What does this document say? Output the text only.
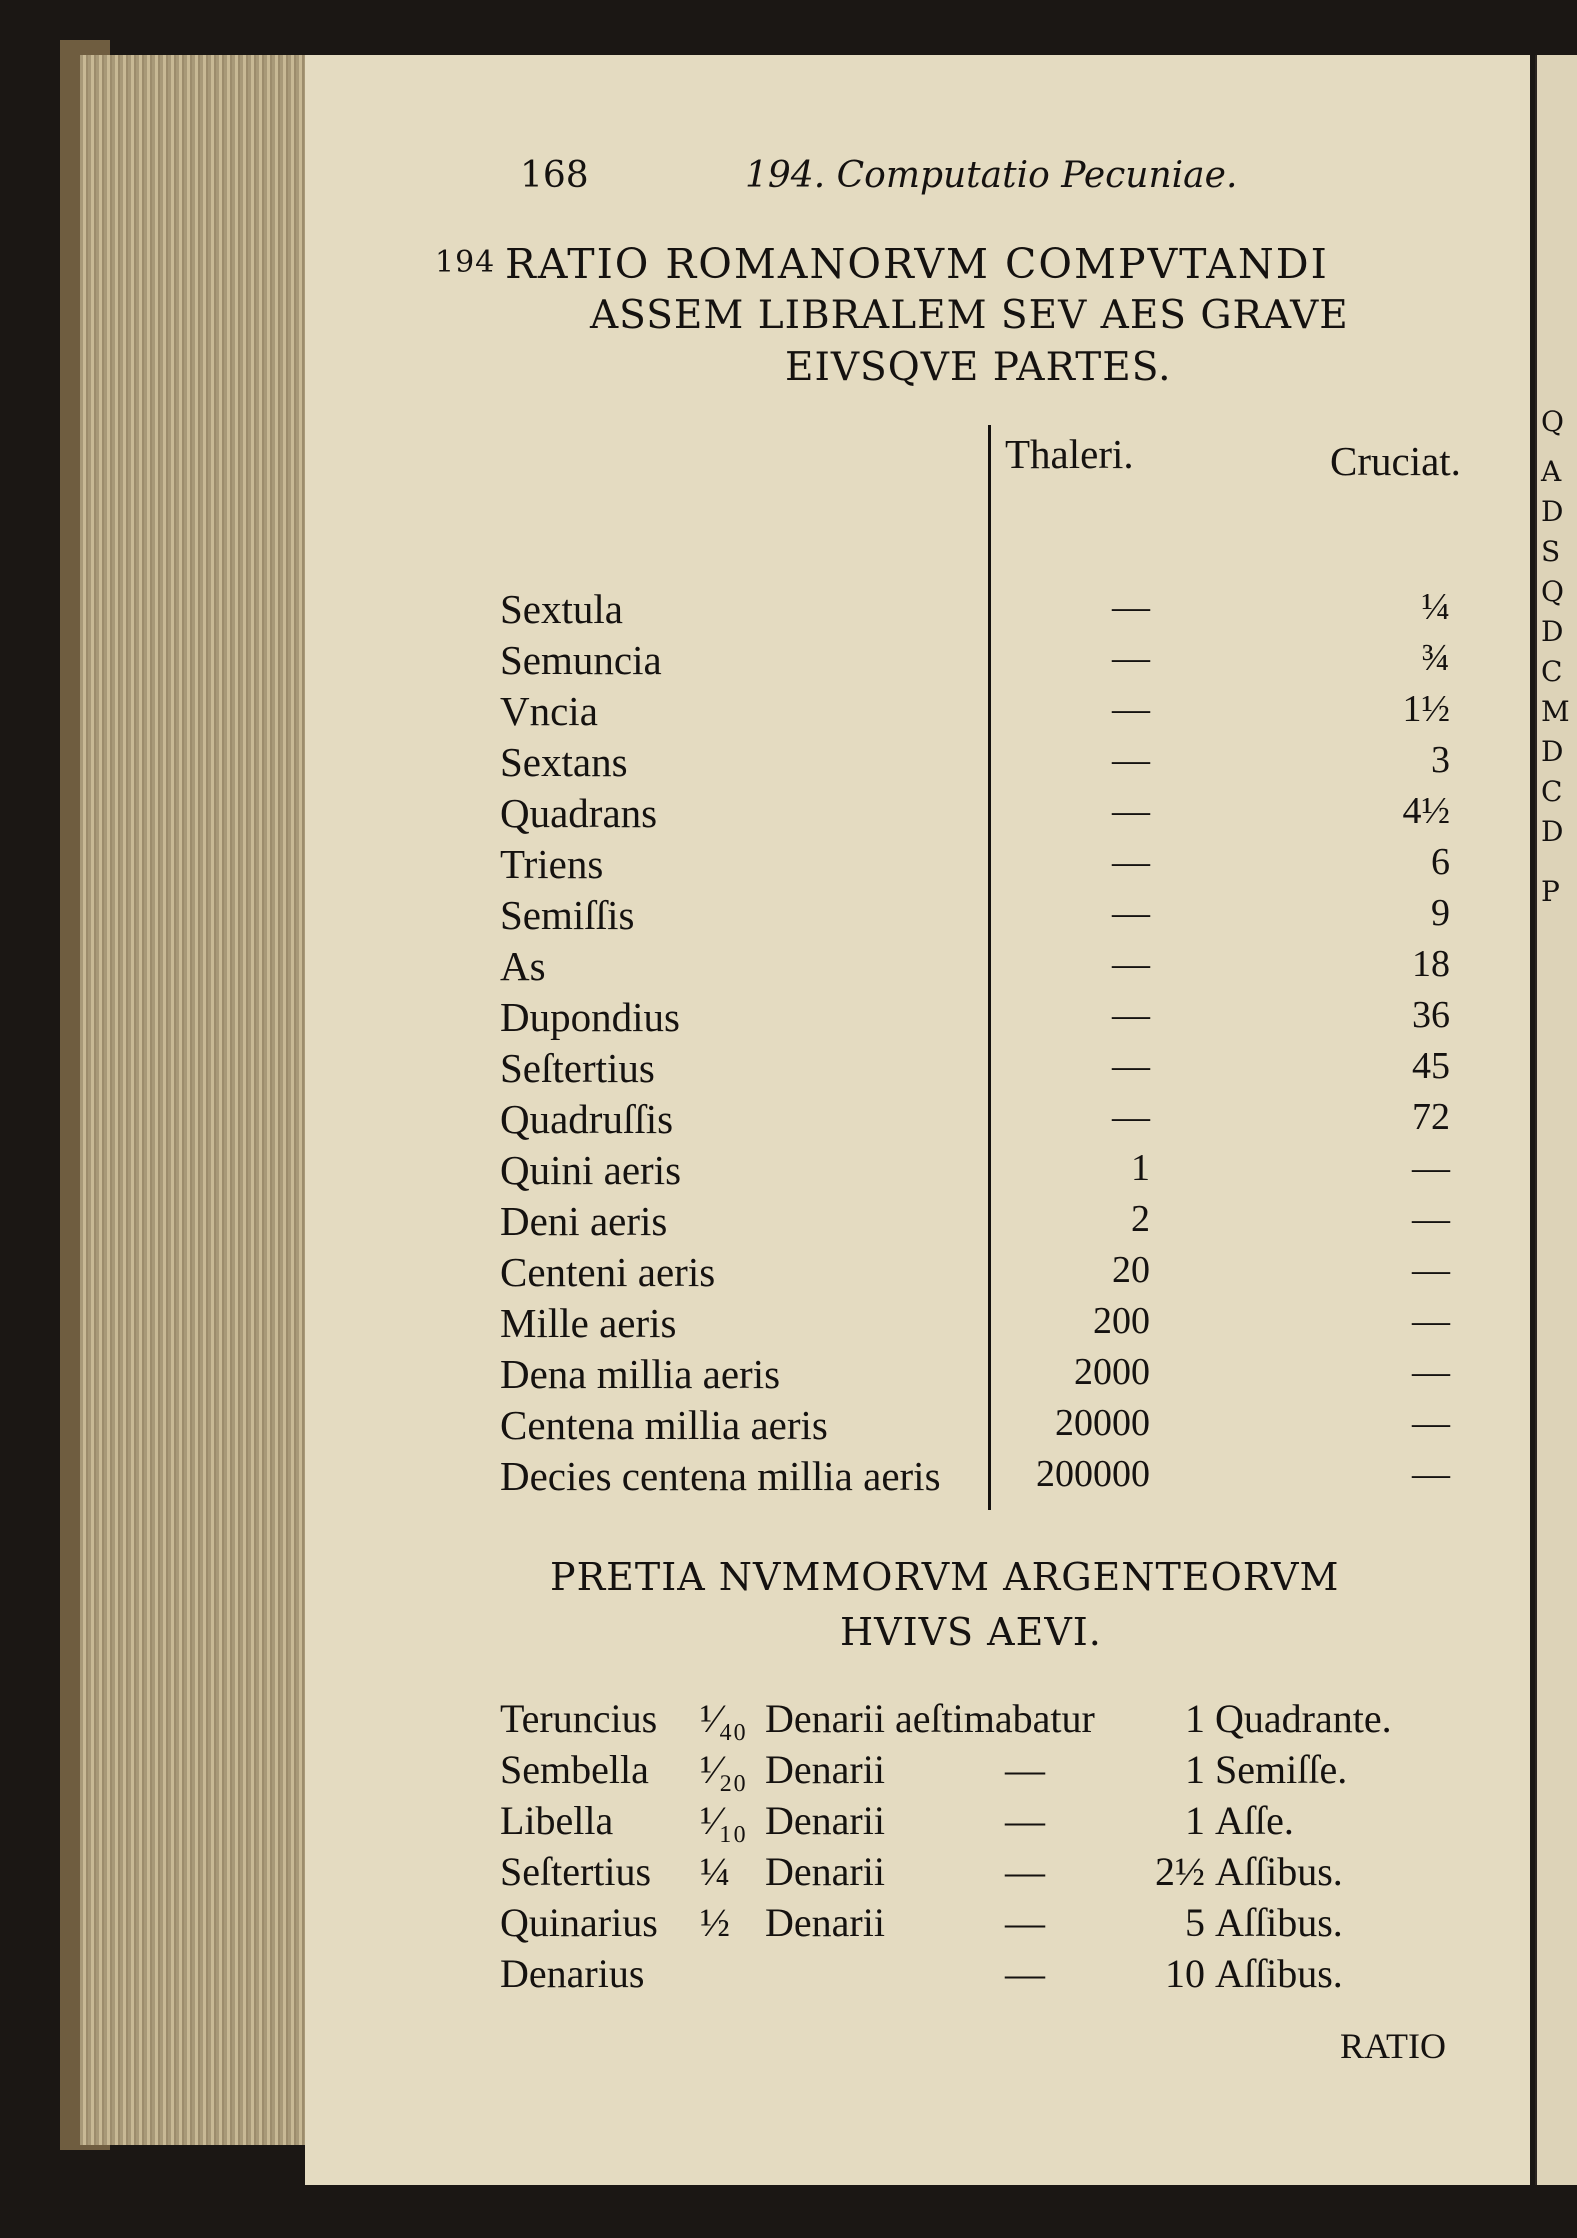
168	194. Computatio Pecuniae.
194 RATIO ROMANORVM COMPVTANDI
ASSEM LIBRALEM SEV AES GRAVE
EIVSQVE PARTES.
Thaleri.	Cruciat.
Sextula	—	¼
Semuncia	—	¾
Vncia	—	1½
Sextans	—	3
Quadrans	—	4½
Triens	—	6
Semiſſis	—	9
As	—	18
Dupondius	—	36
Seſtertius	—	45
Quadruſſis	—	72
Quini aeris	1	—
Deni aeris	2	—
Centeni aeris	20	—
Mille aeris	200	—
Dena millia aeris	2000	—
Centena millia aeris	20000	—
Decies centena millia aeris	200000	—
PRETIA NVMMORVM ARGENTEORVM
HVIVS AEVI.
Teruncius ¹⁄₄₀ Denarii aeſtimabatur 1 Quadrante.
Sembella ¹⁄₂₀ Denarii	—	1 Semiſſe.
Libella ¹⁄₁₀ Denarii	—	1 Aſſe.
Seſtertius ¼ Denarii	—	2½ Aſſibus.
Quinarius ½ Denarii	—	5 Aſſibus.
Denarius	—	10 Aſſibus.
RATIO
Q
A
D
S
Q
D
C
M
D
C
D
P
